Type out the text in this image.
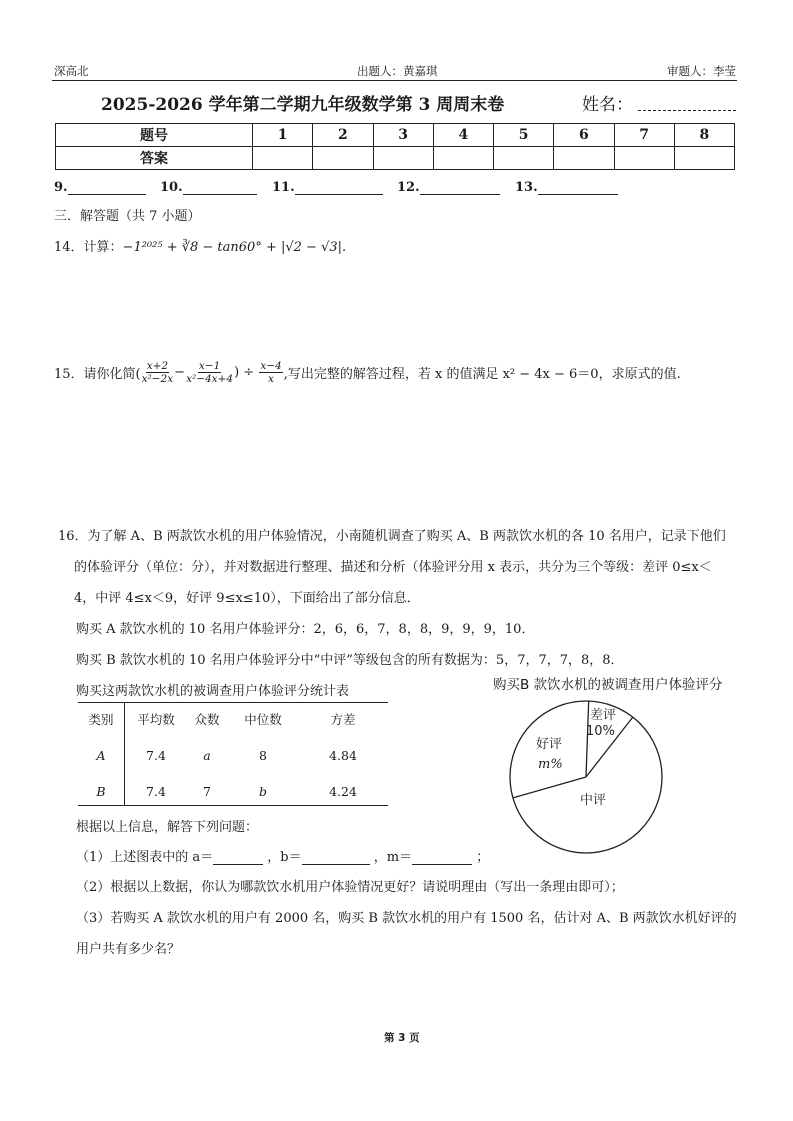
深高北	出题人：黄嘉琪	审题人：李莹
2025-2026 学年第二学期九年级数学第 3 周周末卷	姓名：
题号	1	2	3	4	5	6	7	8
答案								
9.	10.	11.	12.	13.
三．解答题（共 7 小题）
14．计算：−1²⁰²⁵ + ∛8 − tan60° + |√2 − √3|.
15．请你化简( $\frac{x+2}{\text{x²−2x}} - \frac{x-1}{\text{x²−4x+4}}$ ) ÷ $\frac{x-4}{x}$ ,写出完整的解答过程，若 x 的值满足 x² − 4x − 6＝0，求原式的值.
16．为了解 A、B 两款饮水机的用户体验情况，小南随机调查了购买 A、B 两款饮水机的各 10 名用户，记录下他们
的体验评分（单位：分），并对数据进行整理、描述和分析（体验评分用 x 表示，共分为三个等级：差评 0≤x＜
4，中评 4≤x＜9，好评 9≤x≤10），下面给出了部分信息．
购买 A 款饮水机的 10 名用户体验评分：2，6，6，7，8，8，9，9，9，10．
购买 B 款饮水机的 10 名用户体验评分中“中评”等级包含的所有数据为：5，7，7，7，8，8．
购买这两款饮水机的被调查用户体验评分统计表
类别	平均数	众数	中位数	方差
A	7.4	a	8	4.84
B	7.4	7	b	4.24
购买B 款饮水机的被调查用户体验评分
差评
10%
好评
m%
中评
根据以上信息，解答下列问题：
（1）上述图表中的 a＝	，b＝	，m＝	；
（2）根据以上数据，你认为哪款饮水机用户体验情况更好？请说明理由（写出一条理由即可）；
（3）若购买 A 款饮水机的用户有 2000 名，购买 B 款饮水机的用户有 1500 名，估计对 A、B 两款饮水机好评的
用户共有多少名？
第 3 页
